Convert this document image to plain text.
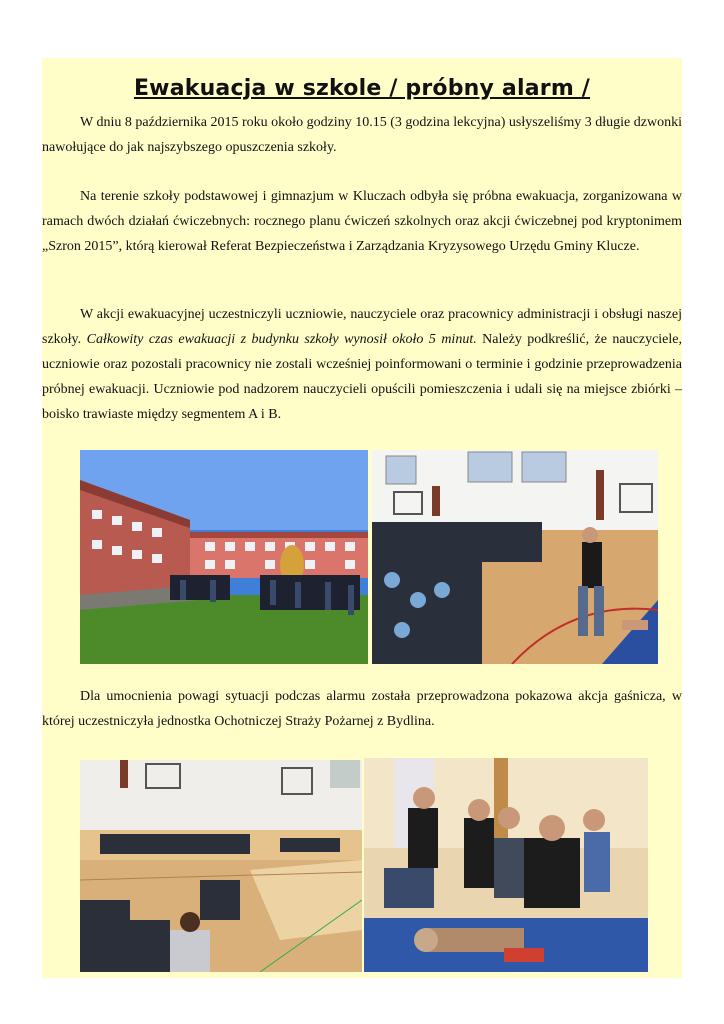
Ewakuacja w szkole / próbny alarm /

W dniu 8 października 2015 roku około godziny 10.15 (3 godzina lekcyjna) usłyszeliśmy 3 długie dzwonki nawołujące do jak najszybszego opuszczenia szkoły.

Na terenie szkoły podstawowej i gimnazjum w Kluczach odbyła się próbna ewakuacja, zorganizowana w ramach dwóch działań ćwiczebnych: rocznego planu ćwiczeń szkolnych oraz akcji ćwiczebnej pod kryptonimem „Szron 2015”, którą kierował Referat Bezpieczeństwa i Zarządzania Kryzysowego Urzędu Gminy Klucze.

W akcji ewakuacyjnej uczestniczyli uczniowie, nauczyciele oraz pracownicy administracji i obsługi naszej szkoły. Całkowity czas ewakuacji z budynku szkoły wynosił około 5 minut. Należy podkreślić, że nauczyciele, uczniowie oraz pozostali pracownicy nie zostali wcześniej poinformowani o terminie i godzinie przeprowadzenia próbnej ewakuacji. Uczniowie pod nadzorem nauczycieli opuścili pomieszczenia i udali się na miejsce zbiórki – boisko trawiaste między segmentem A i B.

Dla umocnienia powagi sytuacji podczas alarmu została przeprowadzona pokazowa akcja gaśnicza, w której uczestniczyła jednostka Ochotniczej Straży Pożarnej z Bydlina.
